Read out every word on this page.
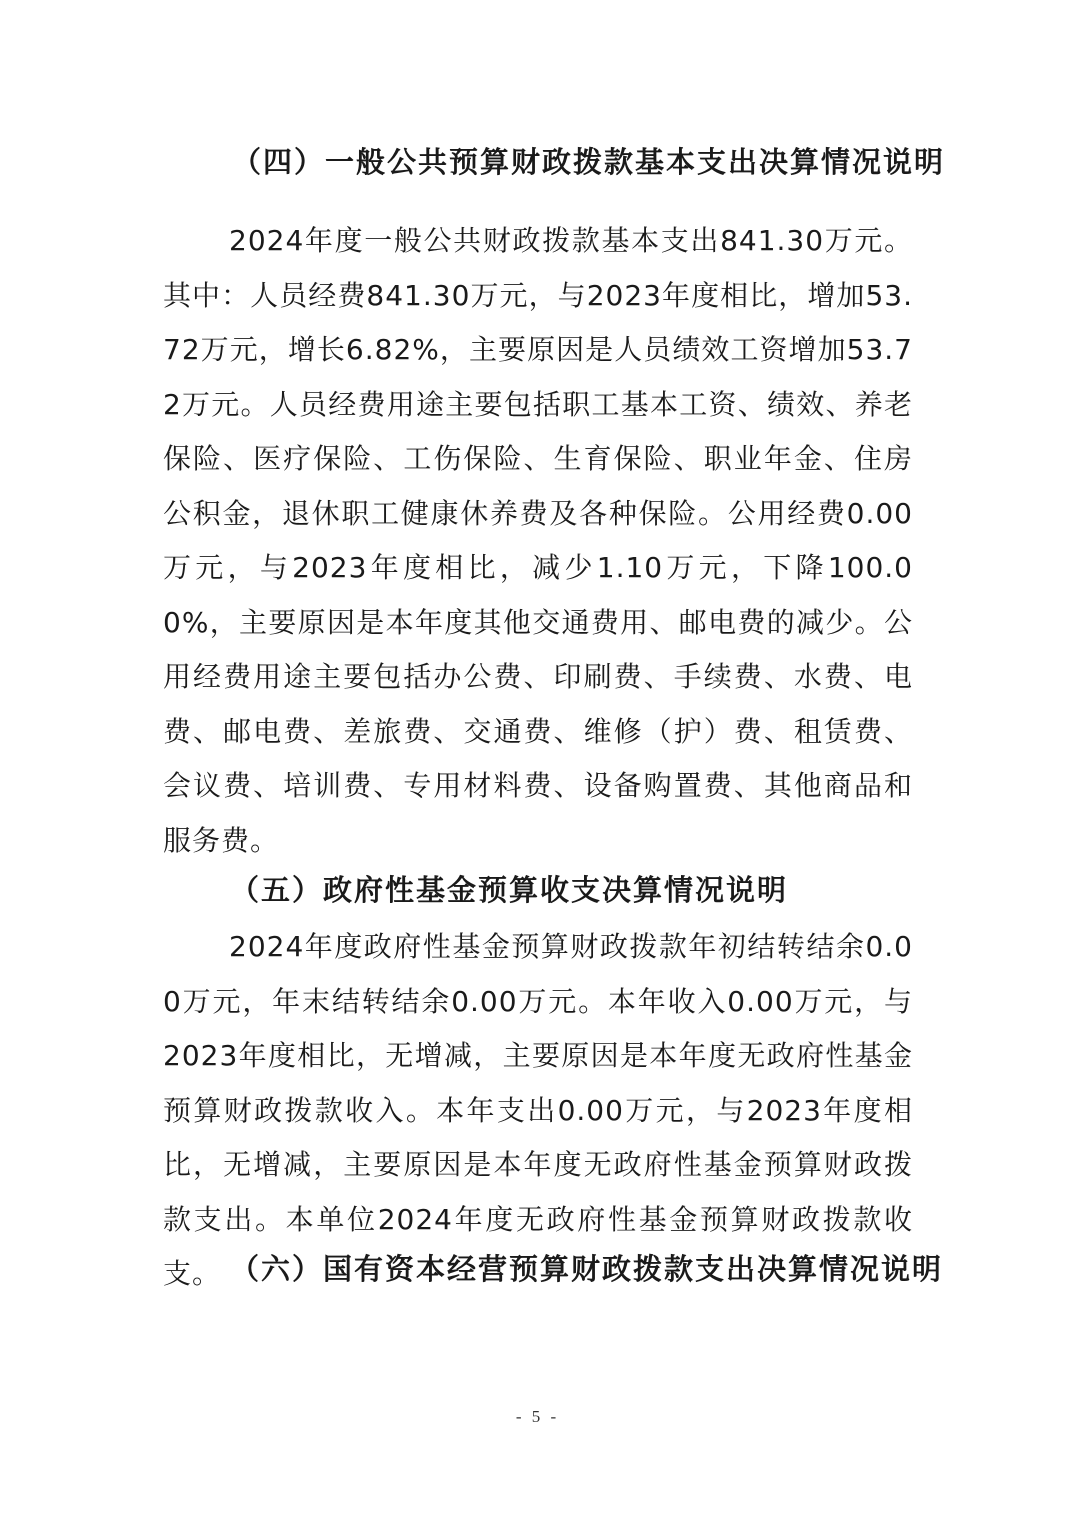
（四）一般公共预算财政拨款基本支出决算情况说明

2024年度一般公共财政拨款基本支出841.30万元。其中：人员经费841.30万元，与2023年度相比，增加53.72万元，增长6.82%，主要原因是人员绩效工资增加53.72万元。人员经费用途主要包括职工基本工资、绩效、养老保险、医疗保险、工伤保险、生育保险、职业年金、住房公积金，退休职工健康休养费及各种保险。公用经费0.00万元，与2023年度相比，减少1.10万元，下降100.00%，主要原因是本年度其他交通费用、邮电费的减少。公用经费用途主要包括办公费、印刷费、手续费、水费、电费、邮电费、差旅费、交通费、维修（护）费、租赁费、会议费、培训费、专用材料费、设备购置费、其他商品和服务费。

（五）政府性基金预算收支决算情况说明

2024年度政府性基金预算财政拨款年初结转结余0.00万元，年末结转结余0.00万元。本年收入0.00万元，与2023年度相比，无增减，主要原因是本年度无政府性基金预算财政拨款收入。本年支出0.00万元，与2023年度相比，无增减，主要原因是本年度无政府性基金预算财政拨款支出。本单位2024年度无政府性基金预算财政拨款收支。 （六）国有资本经营预算财政拨款支出决算情况说明
- 5 -
